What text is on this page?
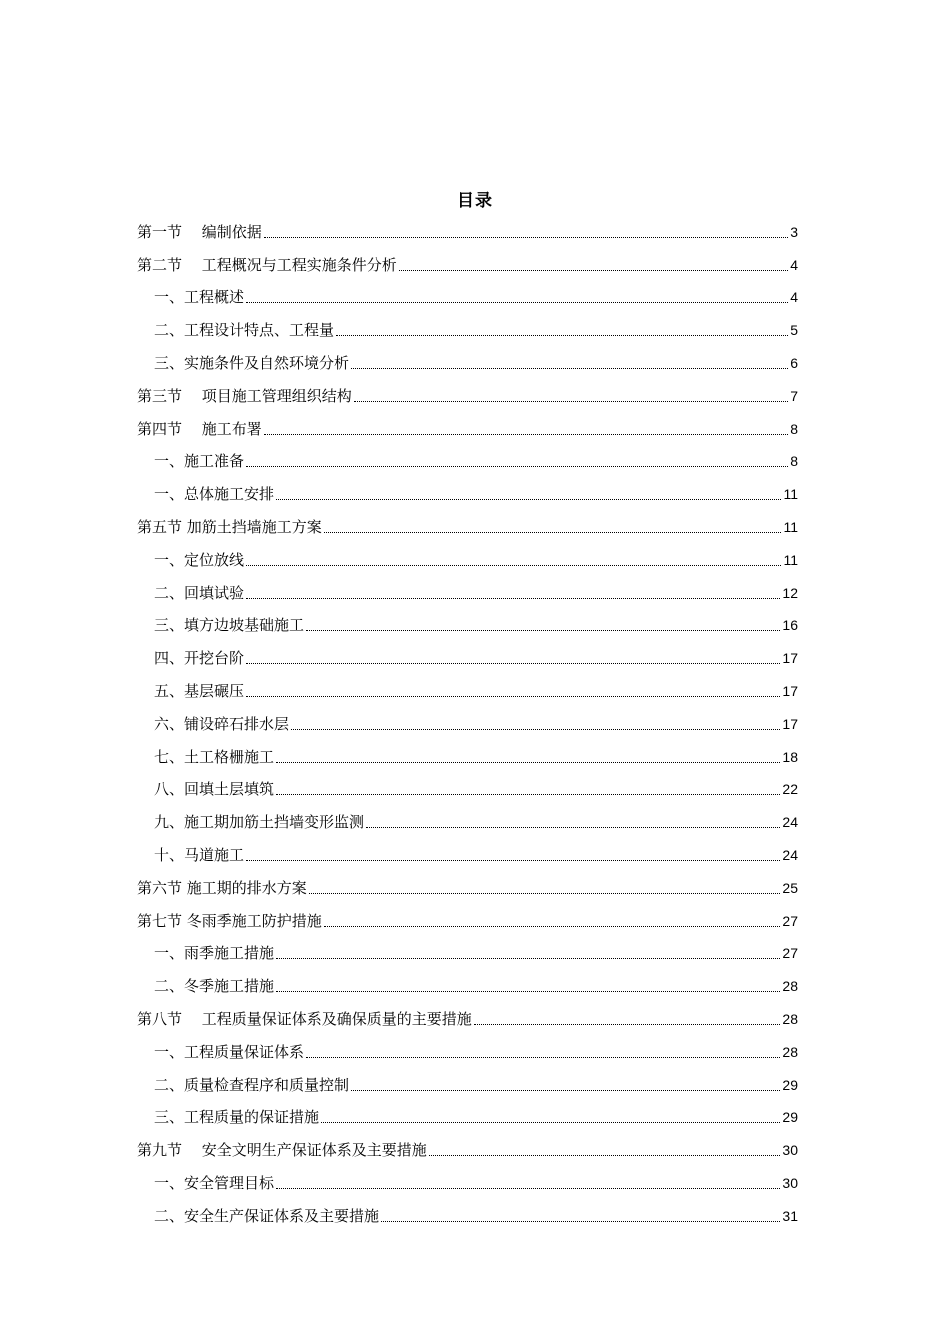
目录
第一节　 编制依据	3
第二节　 工程概况与工程实施条件分析	4
一、工程概述	4
二、工程设计特点、工程量	5
三、实施条件及自然环境分析	6
第三节　 项目施工管理组织结构	7
第四节　 施工布署	8
一、施工准备	8
一、总体施工安排	11
第五节 加筋土挡墙施工方案	11
一、定位放线	11
二、回填试验	12
三、填方边坡基础施工	16
四、开挖台阶	17
五、基层碾压	17
六、铺设碎石排水层	17
七、土工格栅施工	18
八、回填土层填筑	22
九、施工期加筋土挡墙变形监测	24
十、马道施工	24
第六节 施工期的排水方案	25
第七节 冬雨季施工防护措施	27
一、雨季施工措施	27
二、冬季施工措施	28
第八节　 工程质量保证体系及确保质量的主要措施	28
一、工程质量保证体系	28
二、质量检查程序和质量控制	29
三、工程质量的保证措施	29
第九节　 安全文明生产保证体系及主要措施	30
一、安全管理目标	30
二、安全生产保证体系及主要措施	31
